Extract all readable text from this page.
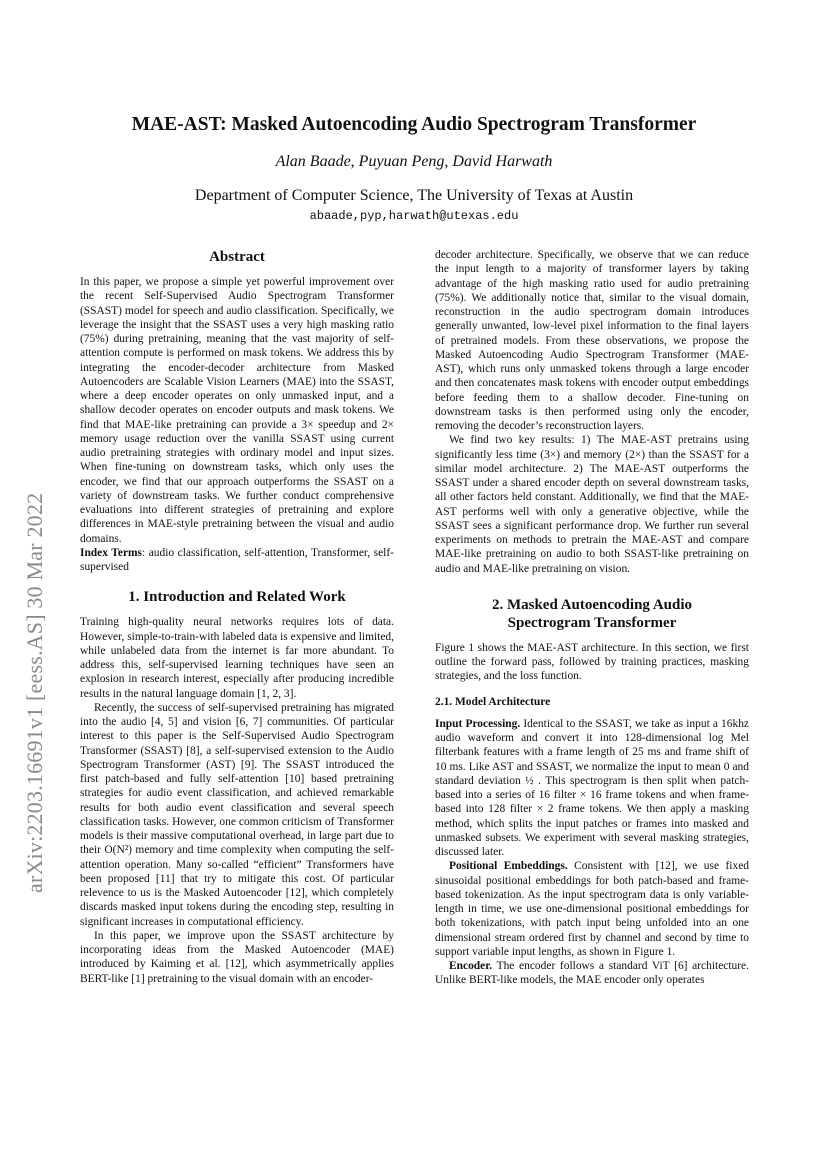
arXiv:2203.16691v1 [eess.AS] 30 Mar 2022
MAE-AST: Masked Autoencoding Audio Spectrogram Transformer
Alan Baade, Puyuan Peng, David Harwath
Department of Computer Science, The University of Texas at Austin
abaade,pyp,harwath@utexas.edu

Abstract

In this paper, we propose a simple yet powerful improvement over the recent Self-Supervised Audio Spectrogram Transformer (SSAST) model for speech and audio classification. Specifically, we leverage the insight that the SSAST uses a very high masking ratio (75%) during pretraining, meaning that the vast majority of self-attention compute is performed on mask tokens. We address this by integrating the encoder-decoder architecture from Masked Autoencoders are Scalable Vision Learners (MAE) into the SSAST, where a deep encoder operates on only unmasked input, and a shallow decoder operates on encoder outputs and mask tokens. We find that MAE-like pretraining can provide a 3× speedup and 2× memory usage reduction over the vanilla SSAST using current audio pretraining strategies with ordinary model and input sizes. When fine-tuning on downstream tasks, which only uses the encoder, we find that our approach outperforms the SSAST on a variety of downstream tasks. We further conduct comprehensive evaluations into different strategies of pretraining and explore differences in MAE-style pretraining between the visual and audio domains.

Index Terms: audio classification, self-attention, Transformer, self-supervised

1. Introduction and Related Work

Training high-quality neural networks requires lots of data. However, simple-to-train-with labeled data is expensive and limited, while unlabeled data from the internet is far more abundant. To address this, self-supervised learning techniques have seen an explosion in research interest, especially after producing incredible results in the natural language domain [1, 2, 3].

Recently, the success of self-supervised pretraining has migrated into the audio [4, 5] and vision [6, 7] communities. Of particular interest to this paper is the Self-Supervised Audio Spectrogram Transformer (SSAST) [8], a self-supervised extension to the Audio Spectrogram Transformer (AST) [9]. The SSAST introduced the first patch-based and fully self-attention [10] based pretraining strategies for audio event classification, and achieved remarkable results for both audio event classification and several speech classification tasks. However, one common criticism of Transformer models is their massive computational overhead, in large part due to their O(N²) memory and time complexity when computing the self-attention operation. Many so-called “efficient” Transformers have been proposed [11] that try to mitigate this cost. Of particular relevence to us is the Masked Autoencoder [12], which completely discards masked input tokens during the encoding step, resulting in significant increases in computational efficiency.

In this paper, we improve upon the SSAST architecture by incorporating ideas from the Masked Autoencoder (MAE) introduced by Kaiming et al. [12], which asymmetrically applies BERT-like [1] pretraining to the visual domain with an encoder-

decoder architecture. Specifically, we observe that we can reduce the input length to a majority of transformer layers by taking advantage of the high masking ratio used for audio pretraining (75%). We additionally notice that, similar to the visual domain, reconstruction in the audio spectrogram domain introduces generally unwanted, low-level pixel information to the final layers of pretrained models. From these observations, we propose the Masked Autoencoding Audio Spectrogram Transformer (MAE-AST), which runs only unmasked tokens through a large encoder and then concatenates mask tokens with encoder output embeddings before feeding them to a shallow decoder. Fine-tuning on downstream tasks is then performed using only the encoder, removing the decoder’s reconstruction layers.

We find two key results: 1) The MAE-AST pretrains using significantly less time (3×) and memory (2×) than the SSAST for a similar model architecture. 2) The MAE-AST outperforms the SSAST under a shared encoder depth on several downstream tasks, all other factors held constant. Additionally, we find that the MAE-AST performs well with only a generative objective, while the SSAST sees a significant performance drop. We further run several experiments on methods to pretrain the MAE-AST and compare MAE-like pretraining on audio to both SSAST-like pretraining on audio and MAE-like pretraining on vision.

2. Masked Autoencoding Audio

Spectrogram Transformer

Figure 1 shows the MAE-AST architecture. In this section, we first outline the forward pass, followed by training practices, masking strategies, and the loss function.

2.1. Model Architecture

Input Processing. Identical to the SSAST, we take as input a 16khz audio waveform and convert it into 128-dimensional log Mel filterbank features with a frame length of 25 ms and frame shift of 10 ms. Like AST and SSAST, we normalize the input to mean 0 and standard deviation ½ . This spectrogram is then split when patch-based into a series of 16 filter × 16 frame tokens and when frame-based into 128 filter × 2 frame tokens. We then apply a masking method, which splits the input patches or frames into masked and unmasked subsets. We experiment with several masking strategies, discussed later.

Positional Embeddings. Consistent with [12], we use fixed sinusoidal positional embeddings for both patch-based and frame-based tokenization. As the input spectrogram data is only variable-length in time, we use one-dimensional positional embeddings for both tokenizations, with patch input being unfolded into an one dimensional stream ordered first by channel and second by time to support variable input lengths, as shown in Figure 1.

Encoder. The encoder follows a standard ViT [6] architecture. Unlike BERT-like models, the MAE encoder only operates
